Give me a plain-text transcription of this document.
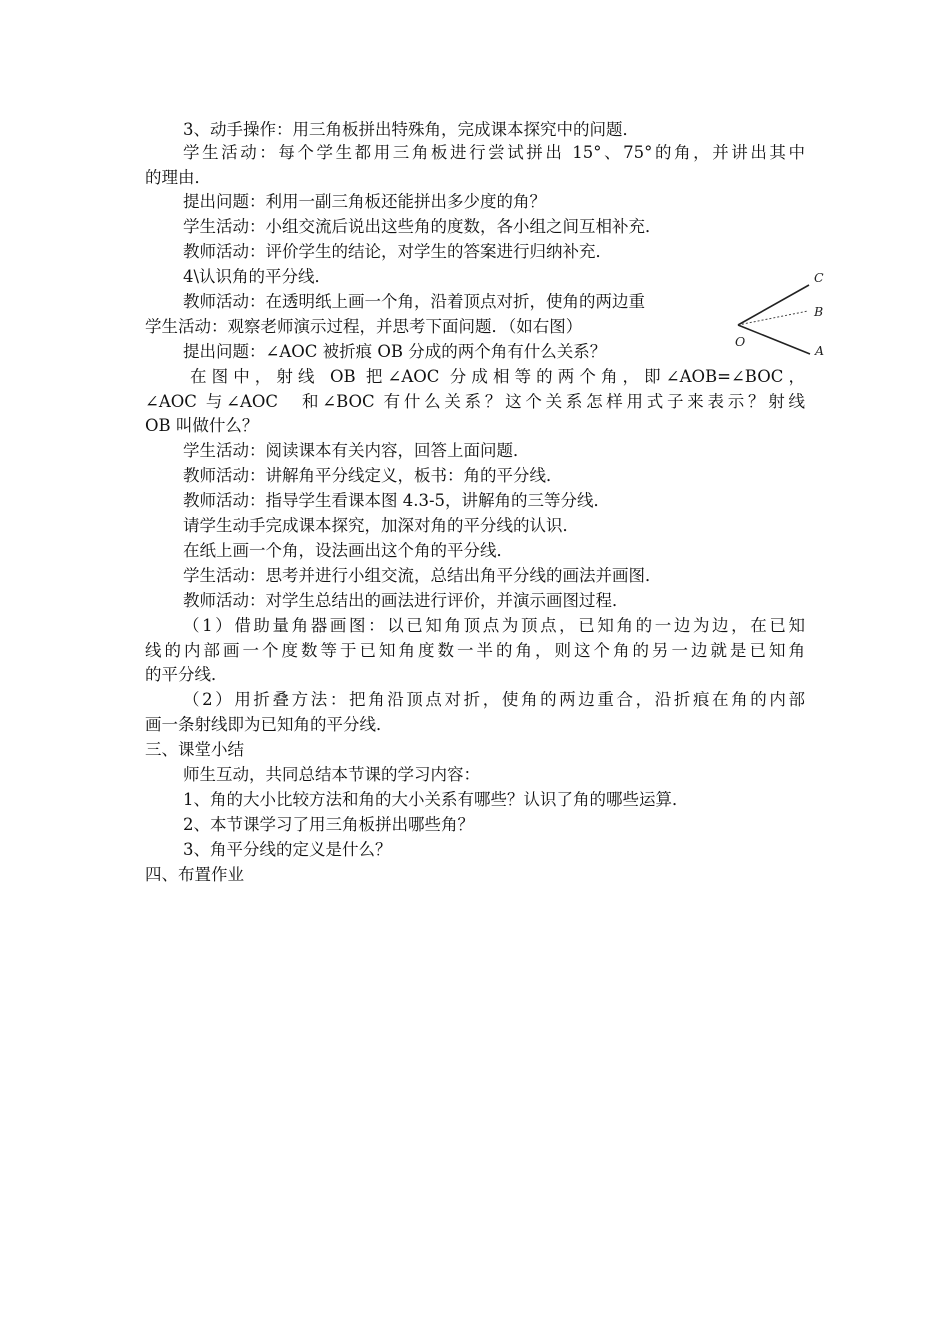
3、动手操作：用三角板拼出特殊角，完成课本探究中的问题．
学生活动：每个学生都用三角板进行尝试拼出 15°、75°的角，并讲出其中
的理由．
提出问题：利用一副三角板还能拼出多少度的角？
学生活动：小组交流后说出这些角的度数，各小组之间互相补充．
教师活动：评价学生的结论，对学生的答案进行归纳补充．
4\认识角的平分线．
教师活动：在透明纸上画一个角，沿着顶点对折，使角的两边重
学生活动：观察老师演示过程，并思考下面问题．（如右图）
提出问题：∠AOC 被折痕 OB 分成的两个角有什么关系？
在图中，射线 OB 把∠AOC 分成相等的两个角，即∠AOB=∠BOC，
∠AOC 与∠AOC　和∠BOC 有什么关系？这个关系怎样用式子来表示？射线
OB 叫做什么？
学生活动：阅读课本有关内容，回答上面问题．
教师活动：讲解角平分线定义，板书：角的平分线．
教师活动：指导学生看课本图 4.3-5，讲解角的三等分线．
请学生动手完成课本探究，加深对角的平分线的认识．
在纸上画一个角，设法画出这个角的平分线．
学生活动：思考并进行小组交流，总结出角平分线的画法并画图．
教师活动：对学生总结出的画法进行评价，并演示画图过程．
（1）借助量角器画图：以已知角顶点为顶点，已知角的一边为边，在已知
线的内部画一个度数等于已知角度数一半的角，则这个角的另一边就是已知角
的平分线．
（2）用折叠方法：把角沿顶点对折，使角的两边重合，沿折痕在角的内部
画一条射线即为已知角的平分线．
三、课堂小结
师生互动，共同总结本节课的学习内容：
1、角的大小比较方法和角的大小关系有哪些？认识了角的哪些运算．
2、本节课学习了用三角板拼出哪些角？
3、角平分线的定义是什么？
四、布置作业
C
B
O
A
